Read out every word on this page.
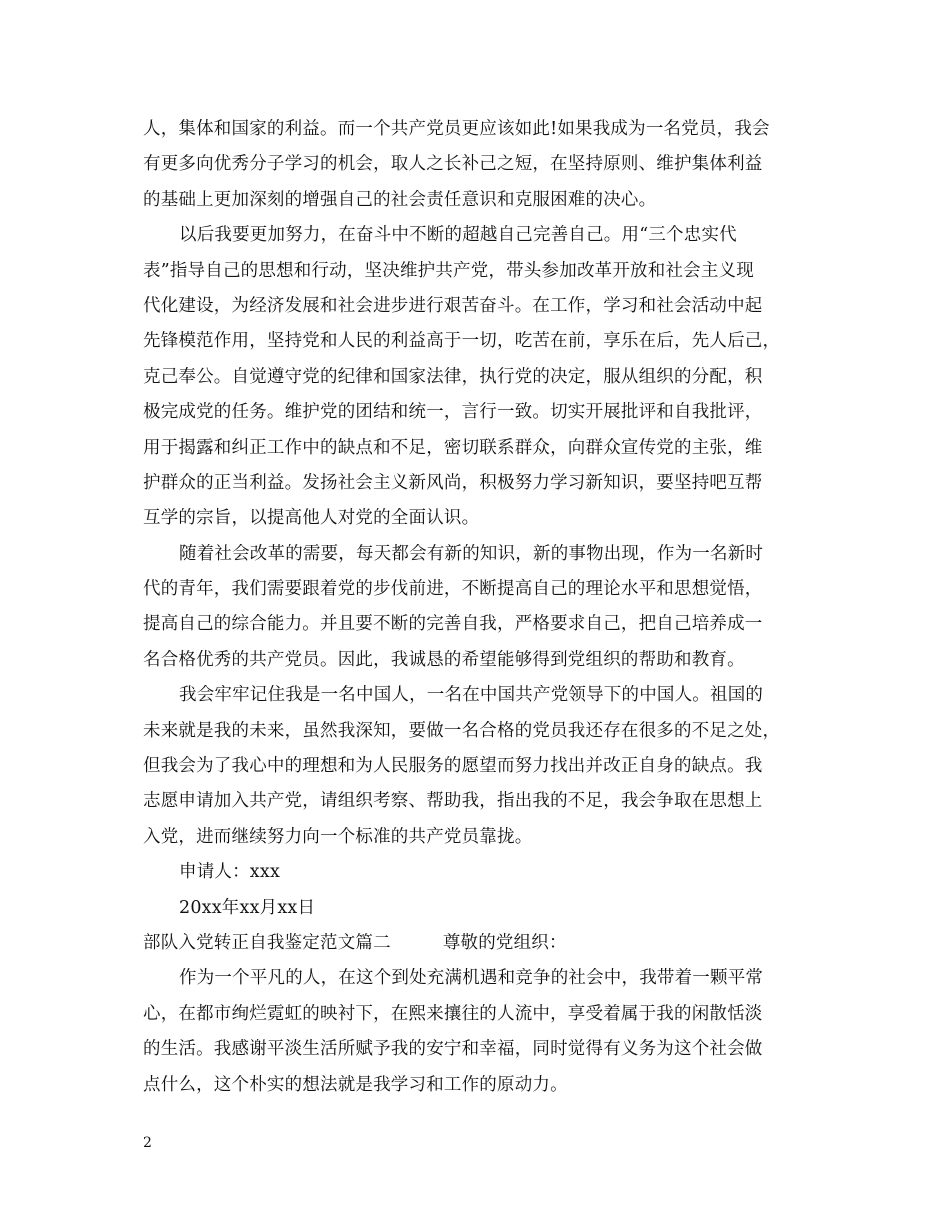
人，集体和国家的利益。而一个共产党员更应该如此!如果我成为一名党员，我会
有更多向优秀分子学习的机会，取人之长补己之短，在坚持原则、维护集体利益
的基础上更加深刻的增强自己的社会责任意识和克服困难的决心。
以后我要更加努力，在奋斗中不断的超越自己完善自己。用“三个忠实代
表”指导自己的思想和行动，坚决维护共产党，带头参加改革开放和社会主义现
代化建设，为经济发展和社会进步进行艰苦奋斗。在工作，学习和社会活动中起
先锋模范作用，坚持党和人民的利益高于一切，吃苦在前，享乐在后，先人后己，
克己奉公。自觉遵守党的纪律和国家法律，执行党的决定，服从组织的分配，积
极完成党的任务。维护党的团结和统一，言行一致。切实开展批评和自我批评，
用于揭露和纠正工作中的缺点和不足，密切联系群众，向群众宣传党的主张，维
护群众的正当利益。发扬社会主义新风尚，积极努力学习新知识，要坚持吧互帮
互学的宗旨，以提高他人对党的全面认识。
随着社会改革的需要，每天都会有新的知识，新的事物出现，作为一名新时
代的青年，我们需要跟着党的步伐前进，不断提高自己的理论水平和思想觉悟，
提高自己的综合能力。并且要不断的完善自我，严格要求自己，把自己培养成一
名合格优秀的共产党员。因此，我诚恳的希望能够得到党组织的帮助和教育。
我会牢牢记住我是一名中国人，一名在中国共产党领导下的中国人。祖国的
未来就是我的未来，虽然我深知，要做一名合格的党员我还存在很多的不足之处，
但我会为了我心中的理想和为人民服务的愿望而努力找出并改正自身的缺点。我
志愿申请加入共产党，请组织考察、帮助我，指出我的不足，我会争取在思想上
入党，进而继续努力向一个标准的共产党员靠拢。
申请人：xxx
20xx年xx月xx日
部队入党转正自我鉴定范文篇二	尊敬的党组织：
作为一个平凡的人，在这个到处充满机遇和竞争的社会中，我带着一颗平常
心，在都市绚烂霓虹的映衬下，在熙来攘往的人流中，享受着属于我的闲散恬淡
的生活。我感谢平淡生活所赋予我的安宁和幸福，同时觉得有义务为这个社会做
点什么，这个朴实的想法就是我学习和工作的原动力。
2
